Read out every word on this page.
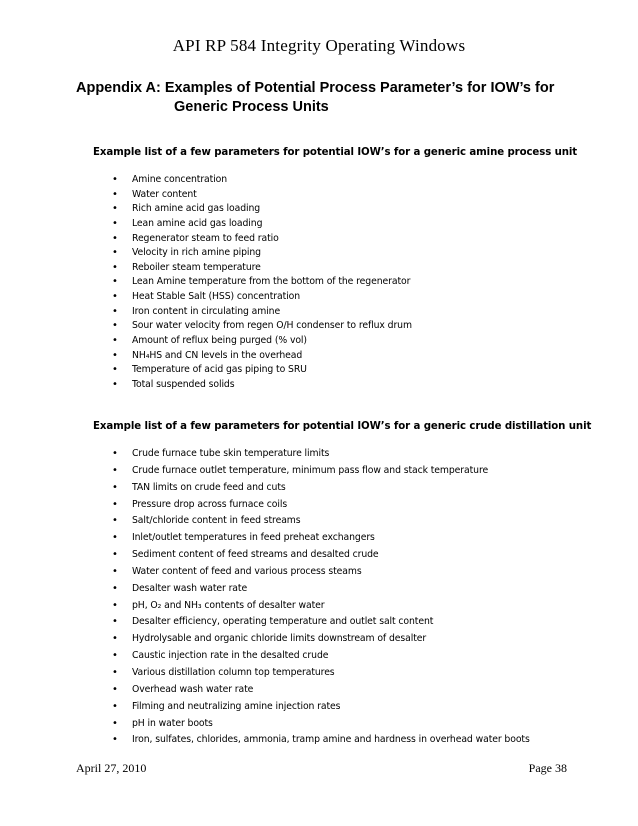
API RP 584 Integrity Operating Windows
Appendix A: Examples of Potential Process Parameter’s for IOW’s for
Generic Process Units
Example list of a few parameters for potential IOW’s for a generic amine process unit
• Amine concentration
• Water content
• Rich amine acid gas loading
• Lean amine acid gas loading
• Regenerator steam to feed ratio
• Velocity in rich amine piping
• Reboiler steam temperature
• Lean Amine temperature from the bottom of the regenerator
• Heat Stable Salt (HSS) concentration
• Iron content in circulating amine
• Sour water velocity from regen O/H condenser to reflux drum
• Amount of reflux being purged (% vol)
• NH₄HS and CN levels in the overhead
• Temperature of acid gas piping to SRU
• Total suspended solids
Example list of a few parameters for potential IOW’s for a generic crude distillation unit
• Crude furnace tube skin temperature limits
• Crude furnace outlet temperature, minimum pass flow and stack temperature
• TAN limits on crude feed and cuts
• Pressure drop across furnace coils
• Salt/chloride content in feed streams
• Inlet/outlet temperatures in feed preheat exchangers
• Sediment content of feed streams and desalted crude
• Water content of feed and various process steams
• Desalter wash water rate
• pH, O₂ and NH₃ contents of desalter water
• Desalter efficiency, operating temperature and outlet salt content
• Hydrolysable and organic chloride limits downstream of desalter
• Caustic injection rate in the desalted crude
• Various distillation column top temperatures
• Overhead wash water rate
• Filming and neutralizing amine injection rates
• pH in water boots
• Iron, sulfates, chlorides, ammonia, tramp amine and hardness in overhead water boots
April 27, 2010	Page 38
